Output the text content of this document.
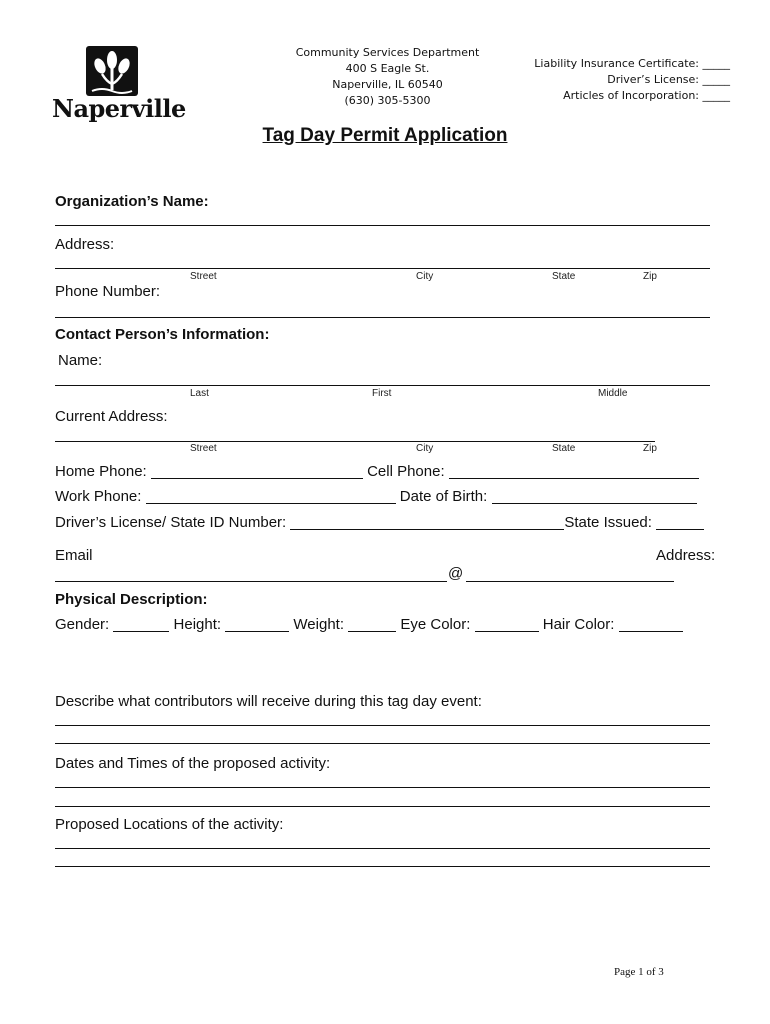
Naperville
Community Services Department
400 S Eagle St.
Naperville, IL 60540
(630) 305-5300
Liability Insurance Certificate: _____
Driver’s License: _____
Articles of Incorporation: _____
Tag Day Permit Application
Organization’s Name:
Address:
Street	City	State	Zip
Phone Number:
Contact Person’s Information:
Name:
Last	First	Middle
Current Address:
Street	City	State	Zip
Home Phone:	Cell Phone:

Work Phone:	Date of Birth:

Driver’s License/ State ID Number:	State Issued:

Email	Address:
@
Physical Description:
Gender:	Height:	Weight:	Eye Color:	Hair Color:

Describe what contributors will receive during this tag day event:
Dates and Times of the proposed activity:
Proposed Locations of the activity:
Page 1 of 3
